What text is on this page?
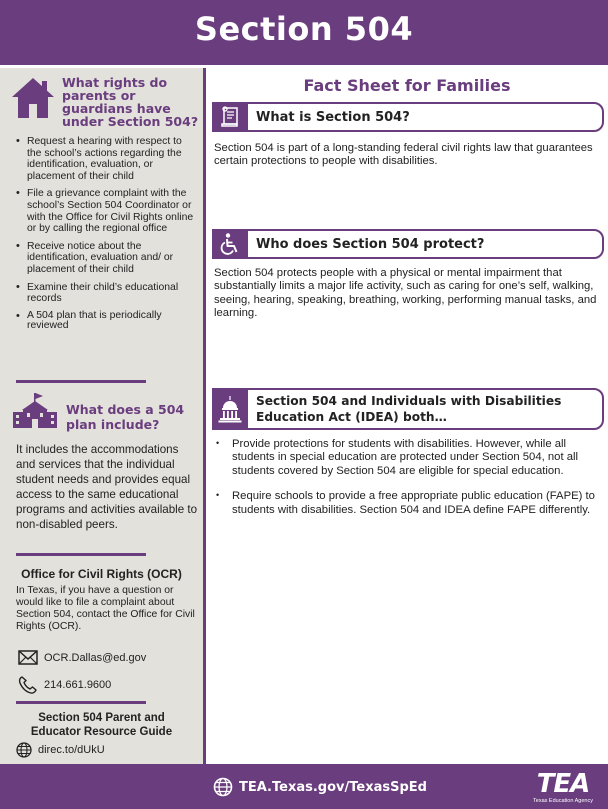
Section 504
What rights do
parents or
guardians have
under Section 504?
• Request a hearing with respect to the school’s actions regarding the identification, evaluation, or placement of their child
• File a grievance complaint with the school’s Section 504 Coordinator or with the Office for Civil Rights online or by calling the regional office
• Receive notice about the identification, evaluation and/ or placement of their child
• Examine their child’s educational records
• A 504 plan that is periodically reviewed
What does a 504
plan include?
It includes the accommodations and services that the individual student needs and provides equal access to the same educational programs and activities available to non-disabled peers.
Office for Civil Rights (OCR)
In Texas, if you have a question or would like to file a complaint about Section 504, contact the Office for Civil Rights (OCR).
OCR.Dallas@ed.gov
214.661.9600
Section 504 Parent and
Educator Resource Guide
direc.to/dUkU
Fact Sheet for Families
What is Section 504?
Section 504 is part of a long-standing federal civil rights law that guarantees certain protections to people with disabilities.
Who does Section 504 protect?
Section 504 protects people with a physical or mental impairment that substantially limits a major life activity, such as caring for one’s self, walking, seeing, hearing, speaking, breathing, working, performing manual tasks, and learning.
Section 504 and Individuals with Disabilities
Education Act (IDEA) both…
• Provide protections for students with disabilities. However, while all students in special education are protected under Section 504, not all students covered by Section 504 are eligible for special education.
• Require schools to provide a free appropriate public education (FAPE) to students with disabilities. Section 504 and IDEA define FAPE differently.
TEA.Texas.gov/TexasSpEd	TEA
Texas Education Agency
